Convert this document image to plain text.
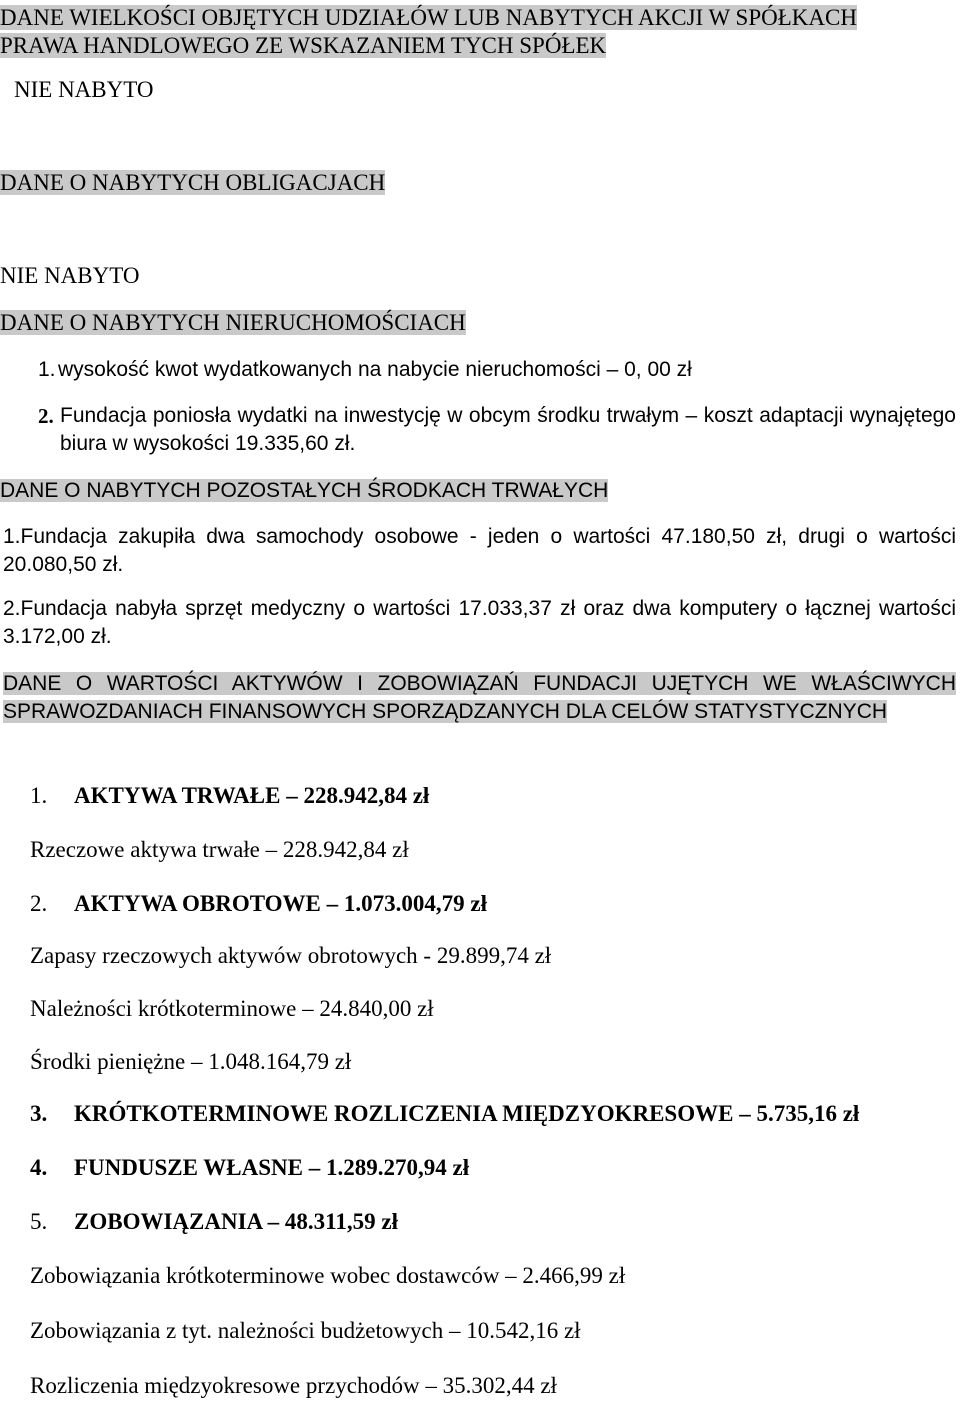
DANE WIELKOŚCI OBJĘTYCH UDZIAŁÓW LUB NABYTYCH AKCJI W SPÓŁKACH
PRAWA HANDLOWEGO ZE WSKAZANIEM TYCH SPÓŁEK
NIE NABYTO
DANE O NABYTYCH OBLIGACJACH
NIE NABYTO
DANE O NABYTYCH NIERUCHOMOŚCIACH
1. wysokość kwot wydatkowanych na nabycie nieruchomości – 0, 00 zł
2. Fundacja poniosła wydatki na inwestycję w obcym środku trwałym – koszt adaptacji wynajętego biura w wysokości 19.335,60 zł.
DANE O NABYTYCH POZOSTAŁYCH ŚRODKACH TRWAŁYCH
1.Fundacja zakupiła dwa samochody osobowe - jeden o wartości 47.180,50 zł, drugi o wartości 20.080,50 zł.
2.Fundacja nabyła sprzęt medyczny o wartości 17.033,37 zł oraz dwa komputery o łącznej wartości 3.172,00 zł.
DANE O WARTOŚCI AKTYWÓW I ZOBOWIĄZAŃ FUNDACJI UJĘTYCH WE WŁAŚCIWYCH SPRAWOZDANIACH FINANSOWYCH SPORZĄDZANYCH DLA CELÓW STATYSTYCZNYCH
1. AKTYWA TRWAŁE – 228.942,84 zł
Rzeczowe aktywa trwałe – 228.942,84 zł
2. AKTYWA OBROTOWE – 1.073.004,79 zł
Zapasy rzeczowych aktywów obrotowych - 29.899,74 zł
Należności krótkoterminowe – 24.840,00 zł
Środki pieniężne – 1.048.164,79 zł
3. KRÓTKOTERMINOWE ROZLICZENIA MIĘDZYOKRESOWE – 5.735,16 zł
4. FUNDUSZE WŁASNE – 1.289.270,94 zł
5. ZOBOWIĄZANIA – 48.311,59 zł
Zobowiązania krótkoterminowe wobec dostawców – 2.466,99 zł
Zobowiązania z tyt. należności budżetowych – 10.542,16 zł
Rozliczenia międzyokresowe przychodów – 35.302,44 zł
